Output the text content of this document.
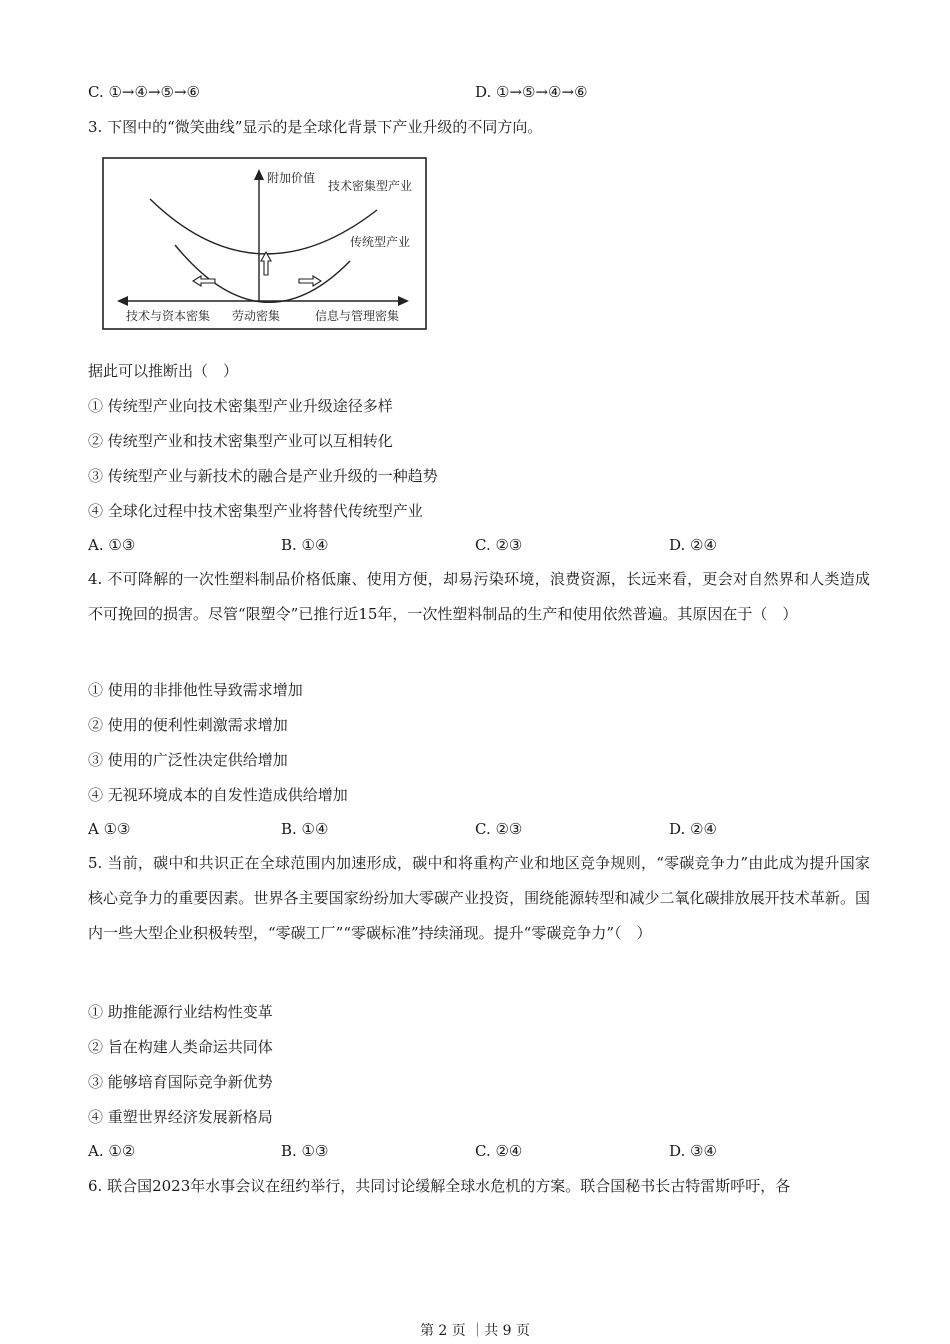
C. ①→④→⑤→⑥	D. ①→⑤→④→⑥
3. 下图中的“微笑曲线”显示的是全球化背景下产业升级的不同方向。
附加价值
技术密集型产业
传统型产业
技术与资本密集 劳动密集	信息与管理密集
据此可以推断出（　）
① 传统型产业向技术密集型产业升级途径多样
② 传统型产业和技术密集型产业可以互相转化
③ 传统型产业与新技术的融合是产业升级的一种趋势
④ 全球化过程中技术密集型产业将替代传统型产业
A. ①③	B. ①④	C. ②③	D. ②④
4. 不可降解的一次性塑料制品价格低廉、使用方便，却易污染环境，浪费资源，长远来看，更会对自然界和人类造成不可挽回的损害。尽管“限塑令”已推行近15年，一次性塑料制品的生产和使用依然普遍。其原因在于（　）
① 使用的非排他性导致需求增加
② 使用的便利性刺激需求增加
③ 使用的广泛性决定供给增加
④ 无视环境成本的自发性造成供给增加
A ①③	B. ①④	C. ②③	D. ②④
5. 当前，碳中和共识正在全球范围内加速形成，碳中和将重构产业和地区竞争规则，“零碳竞争力”由此成为提升国家核心竞争力的重要因素。世界各主要国家纷纷加大零碳产业投资，围绕能源转型和减少二氧化碳排放展开技术革新。国内一些大型企业积极转型，“零碳工厂”“零碳标准”持续涌现。提升“零碳竞争力”（　）
① 助推能源行业结构性变革
② 旨在构建人类命运共同体
③ 能够培育国际竞争新优势
④ 重塑世界经济发展新格局
A. ①②	B. ①③	C. ②④	D. ③④
6. 联合国2023年水事会议在纽约举行，共同讨论缓解全球水危机的方案。联合国秘书长古特雷斯呼吁，各
第 2 页 ｜共 9 页
